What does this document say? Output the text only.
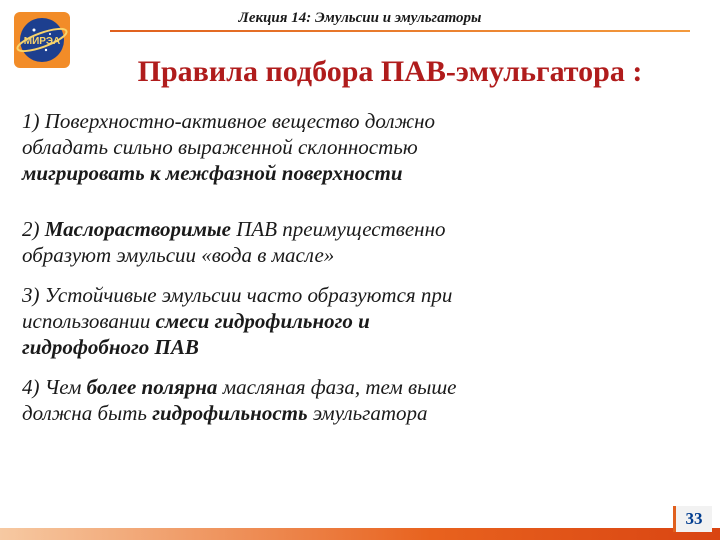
МИРЭА
Лекция 14: Эмульсии и эмульгаторы
Правила подбора ПАВ-эмульгатора :
1) Поверхностно-активное вещество должно
обладать сильно выраженной склонностью
мигрировать к межфазной поверхности
2) Маслорастворимые ПАВ преимущественно
образуют эмульсии «вода в масле»
3) Устойчивые эмульсии часто образуются при
использовании смеси гидрофильного и
гидрофобного ПАВ
4) Чем более полярна масляная фаза, тем выше
должна быть гидрофильность эмульгатора
33
